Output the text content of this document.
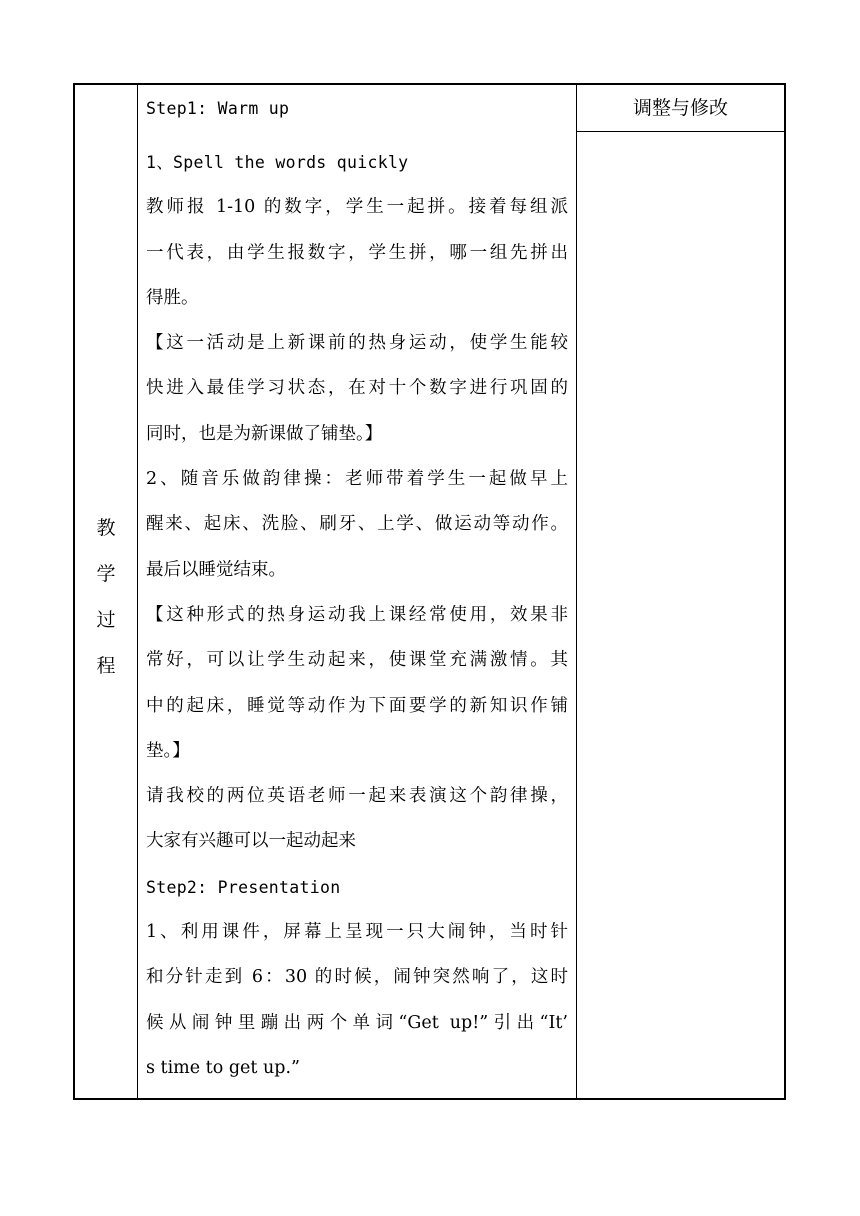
教
学
过
程
Step1: Warm up
1、Spell the words quickly
教师报 1-10 的数字，学生一起拼。接着每组派
一代表，由学生报数字，学生拼，哪一组先拼出
得胜。
【这一活动是上新课前的热身运动，使学生能较
快进入最佳学习状态，在对十个数字进行巩固的
同时，也是为新课做了铺垫。】
2、随音乐做韵律操：老师带着学生一起做早上
醒来、起床、洗脸、刷牙、上学、做运动等动作。
最后以睡觉结束。
【这种形式的热身运动我上课经常使用，效果非
常好，可以让学生动起来，使课堂充满激情。其
中的起床，睡觉等动作为下面要学的新知识作铺
垫。】
请我校的两位英语老师一起来表演这个韵律操，
大家有兴趣可以一起动起来
Step2: Presentation
1、利用课件，屏幕上呈现一只大闹钟，当时针
和分针走到 6：30 的时候，闹钟突然响了，这时
候从闹钟里蹦出两个单词“Get up!”引出“It’
s time to get up.”
调整与修改
